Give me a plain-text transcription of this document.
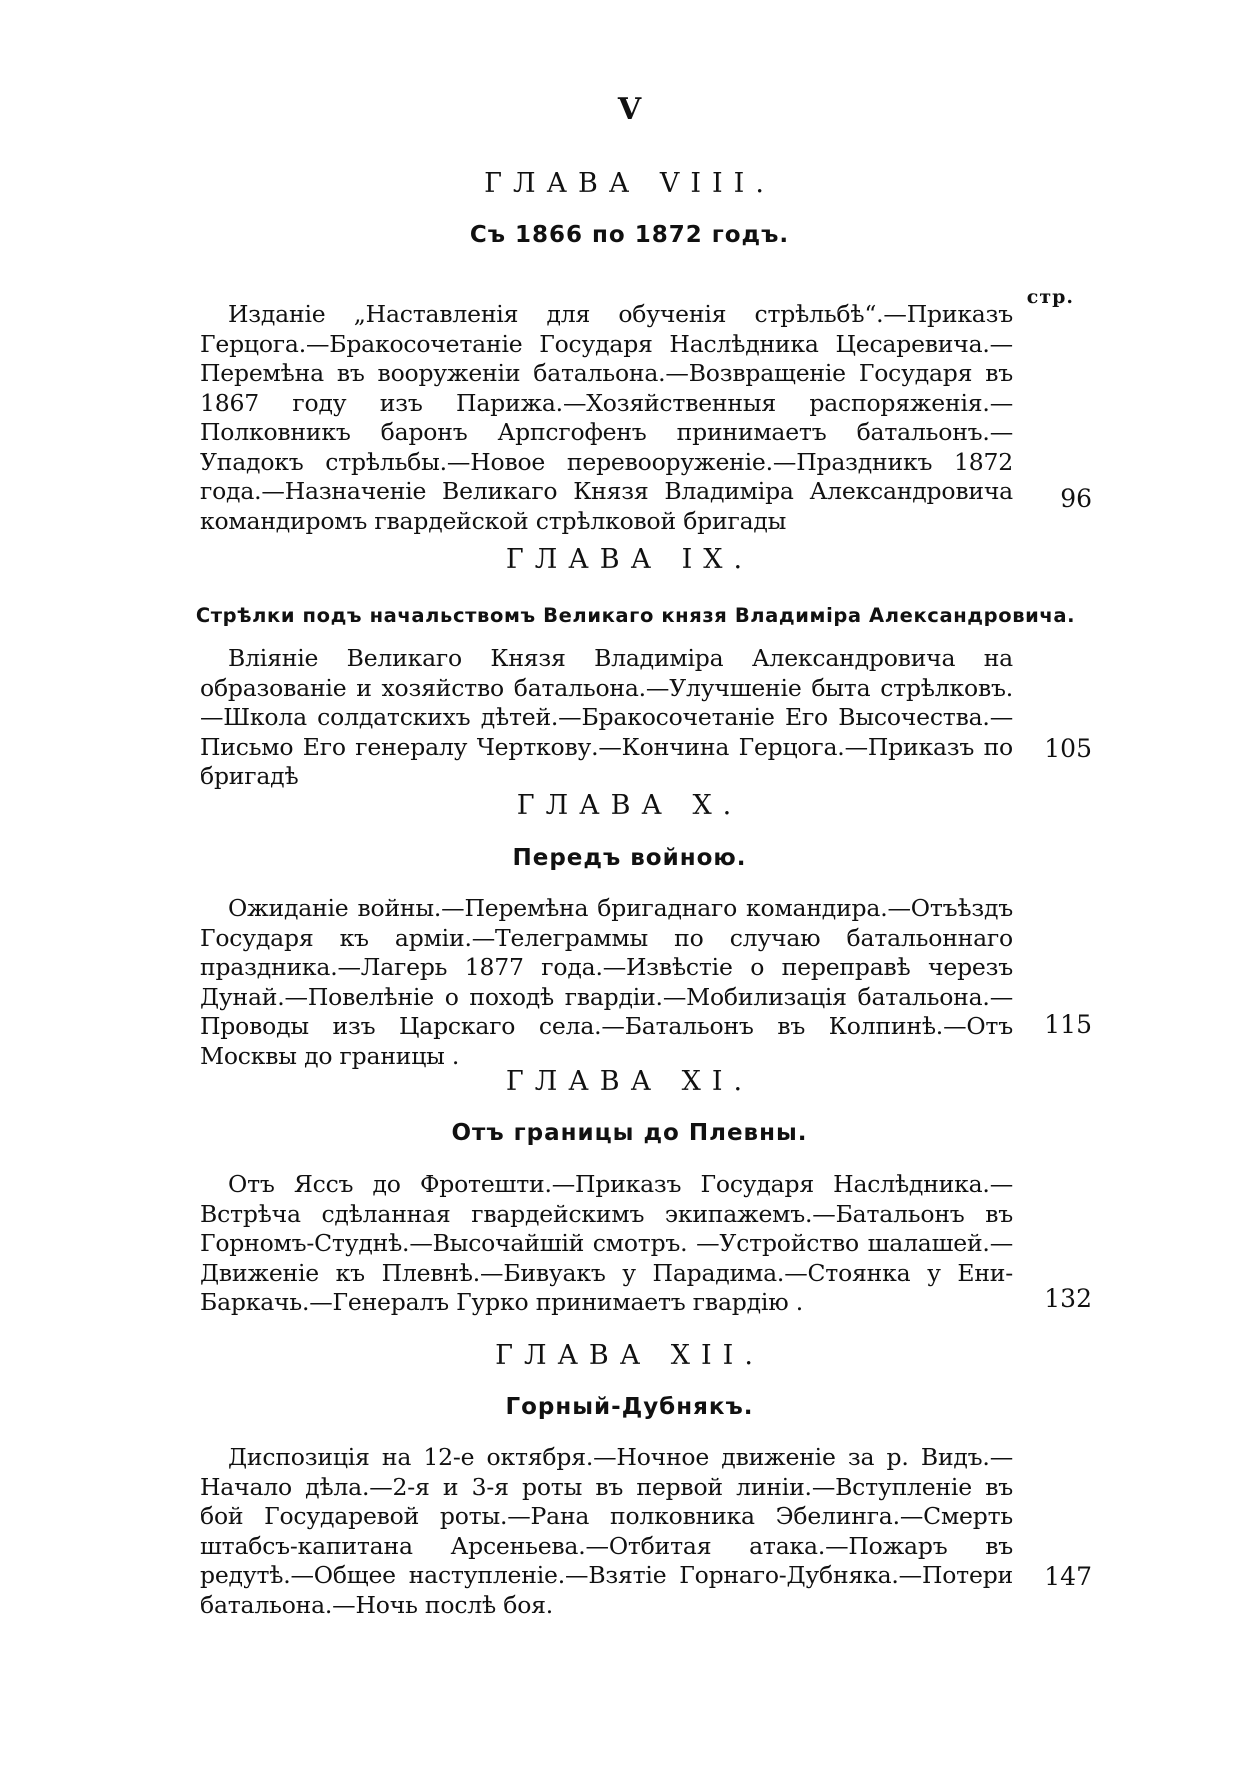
V
ГЛАВА VIII.
Съ 1866 по 1872 годъ.
стр.
Изданіе „Наставленія для обученія стрѣльбѣ“.—Приказъ Герцога.—Бракосочетаніе Государя Наслѣдника Цесаревича.—Перемѣна въ вооруженіи батальона.—Возвращеніе Государя въ 1867 году изъ Парижа.—Хозяйственныя распоряженія.—Полковникъ баронъ Арпсгофенъ принимаетъ батальонъ.—Упадокъ стрѣльбы.—Новое перевооруженіе.—Праздникъ 1872 года.—Назначеніе Великаго Князя Владиміра Александровича командиромъ гвардейской стрѣлковой бригады
96
ГЛАВА IX.
Стрѣлки подъ начальствомъ Великаго князя Владиміра Александровича.
Вліяніе Великаго Князя Владиміра Александровича на образованіе и хозяйство батальона.—Улучшеніе быта стрѣлковъ.—Школа солдатскихъ дѣтей.—Бракосочетаніе Его Высочества.—Письмо Его генералу Черткову.—Кончина Герцога.—Приказъ по бригадѣ
105
ГЛАВА X.
Передъ войною.
Ожиданіе войны.—Перемѣна бригаднаго командира.—Отъѣздъ Государя къ арміи.—Телеграммы по случаю батальоннаго праздника.—Лагерь 1877 года.—Извѣстіе о переправѣ черезъ Дунай.—Повелѣніе о походѣ гвардіи.—Мобилизація батальона.—Проводы изъ Царскаго села.—Батальонъ въ Колпинѣ.—Отъ Москвы до границы .
115
ГЛАВА XI.
Отъ границы до Плевны.
Отъ Яссъ до Фротешти.—Приказъ Государя Наслѣдника.—Встрѣча сдѣланная гвардейскимъ экипажемъ.—Батальонъ въ Горномъ-Студнѣ.—Высочайшій смотръ. —Устройство шалашей.—Движеніе къ Плевнѣ.—Бивуакъ у Парадима.—Стоянка у Ени-Баркачь.—Генералъ Гурко принимаетъ гвардію .	132
ГЛАВА XII.
Горный-Дубнякъ.
Диспозиція на 12-е октября.—Ночное движеніе за р. Видъ.—Начало дѣла.—2-я и 3-я роты въ первой линіи.—Вступленіе въ бой Государевой роты.—Рана полковника Эбелинга.—Смерть штабсъ-капитана Арсеньева.—Отбитая атака.—Пожаръ въ редутѣ.—Общее наступленіе.—Взятіе Горнаго-Дубняка.—Потери батальона.—Ночь послѣ боя.
147
